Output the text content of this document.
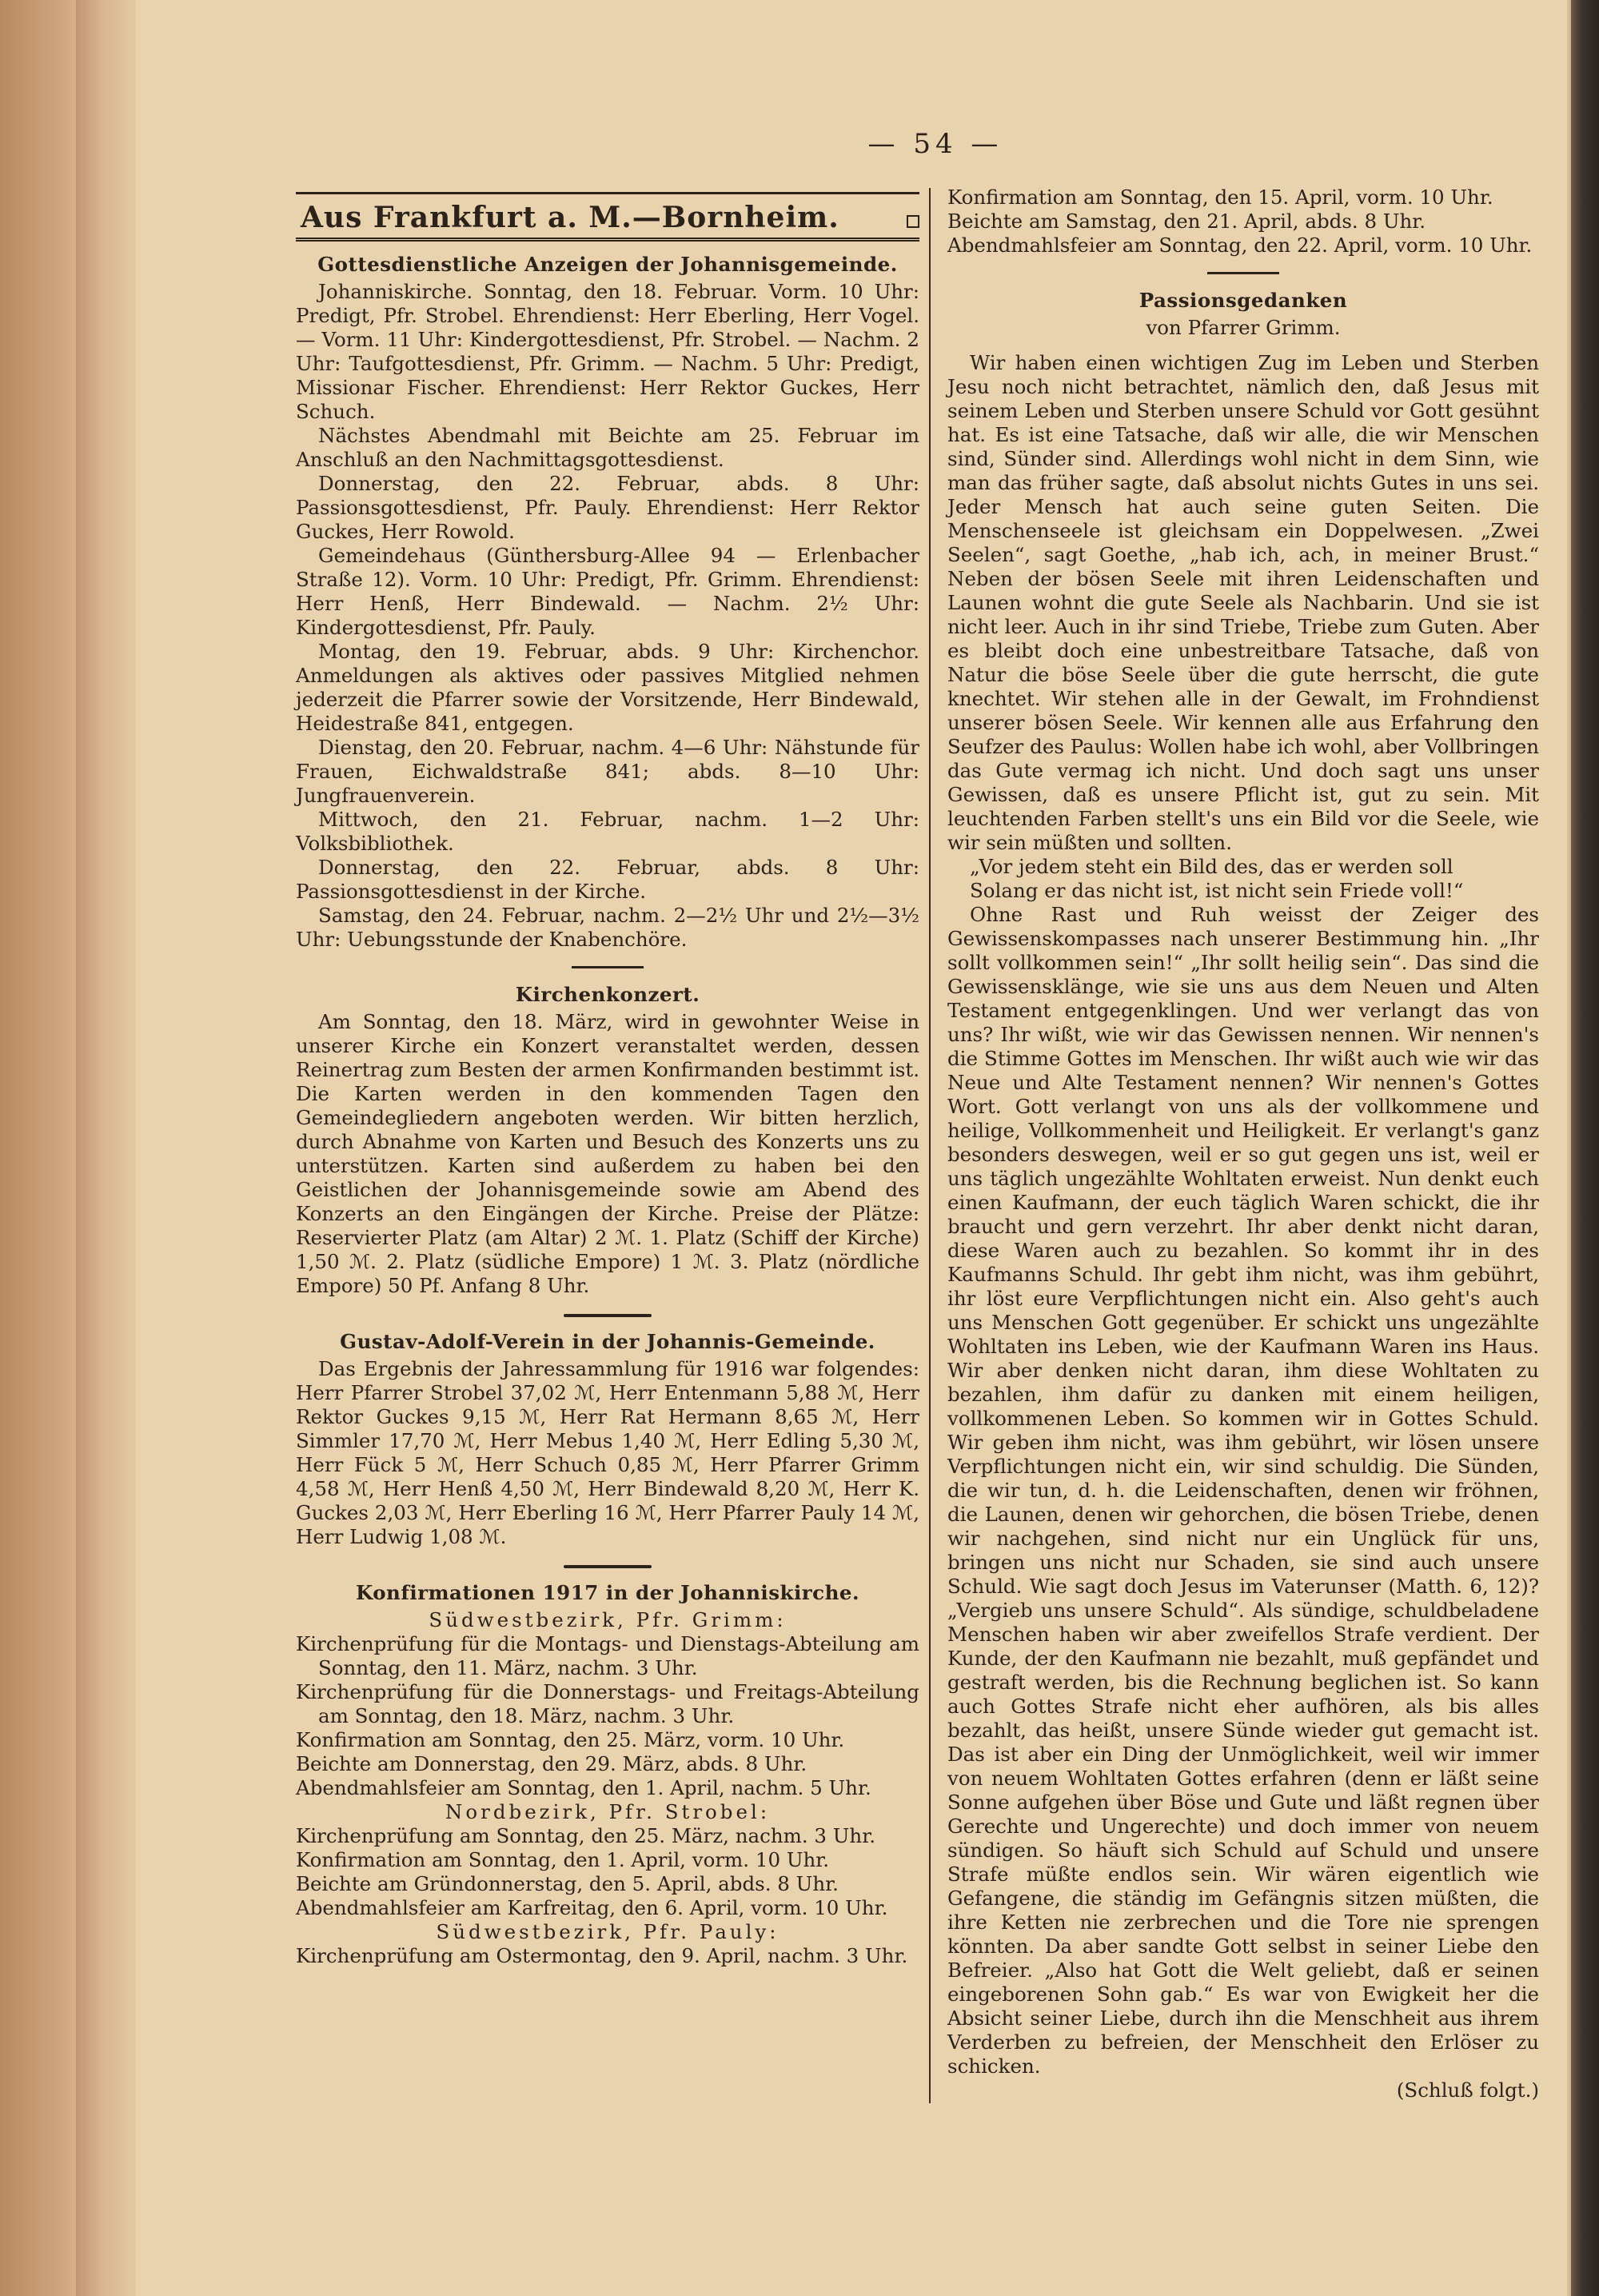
— 54 —
Aus Frankfurt a. M.—Bornheim.
Gottesdienstliche Anzeigen der Johannisgemeinde.

Johanniskirche. Sonntag, den 18. Februar. Vorm. 10 Uhr: Predigt, Pfr. Strobel. Ehrendienst: Herr Eberling, Herr Vogel. — Vorm. 11 Uhr: Kindergottesdienst, Pfr. Strobel. — Nachm. 2 Uhr: Taufgottesdienst, Pfr. Grimm. — Nachm. 5 Uhr: Predigt, Missionar Fischer. Ehrendienst: Herr Rektor Guckes, Herr Schuch.

Nächstes Abendmahl mit Beichte am 25. Februar im Anschluß an den Nachmittagsgottesdienst.

Donnerstag, den 22. Februar, abds. 8 Uhr: Passionsgottesdienst, Pfr. Pauly. Ehrendienst: Herr Rektor Guckes, Herr Rowold.

Gemeindehaus (Günthersburg-Allee 94 — Erlenbacher Straße 12). Vorm. 10 Uhr: Predigt, Pfr. Grimm. Ehrendienst: Herr Henß, Herr Bindewald. — Nachm. 2½ Uhr: Kindergottesdienst, Pfr. Pauly.

Montag, den 19. Februar, abds. 9 Uhr: Kirchenchor. Anmeldungen als aktives oder passives Mitglied nehmen jederzeit die Pfarrer sowie der Vorsitzende, Herr Bindewald, Heidestraße 841, entgegen.

Dienstag, den 20. Februar, nachm. 4—6 Uhr: Nähstunde für Frauen, Eichwaldstraße 841; abds. 8—10 Uhr: Jungfrauenverein.

Mittwoch, den 21. Februar, nachm. 1—2 Uhr: Volksbibliothek.

Donnerstag, den 22. Februar, abds. 8 Uhr: Passionsgottesdienst in der Kirche.

Samstag, den 24. Februar, nachm. 2—2½ Uhr und 2½—3½ Uhr: Uebungsstunde der Knabenchöre.

Kirchenkonzert.

Am Sonntag, den 18. März, wird in gewohnter Weise in unserer Kirche ein Konzert veranstaltet werden, dessen Reinertrag zum Besten der armen Konfirmanden bestimmt ist. Die Karten werden in den kommenden Tagen den Gemeindegliedern angeboten werden. Wir bitten herzlich, durch Abnahme von Karten und Besuch des Konzerts uns zu unterstützen. Karten sind außerdem zu haben bei den Geistlichen der Johannisgemeinde sowie am Abend des Konzerts an den Eingängen der Kirche. Preise der Plätze: Reservierter Platz (am Altar) 2 ℳ. 1. Platz (Schiff der Kirche) 1,50 ℳ. 2. Platz (südliche Empore) 1 ℳ. 3. Platz (nördliche Empore) 50 Pf. Anfang 8 Uhr.

Gustav-Adolf-Verein in der Johannis-Gemeinde.

Das Ergebnis der Jahressammlung für 1916 war folgendes: Herr Pfarrer Strobel 37,02 ℳ, Herr Entenmann 5,88 ℳ, Herr Rektor Guckes 9,15 ℳ, Herr Rat Hermann 8,65 ℳ, Herr Simmler 17,70 ℳ, Herr Mebus 1,40 ℳ, Herr Edling 5,30 ℳ, Herr Fück 5 ℳ, Herr Schuch 0,85 ℳ, Herr Pfarrer Grimm 4,58 ℳ, Herr Henß 4,50 ℳ, Herr Bindewald 8,20 ℳ, Herr K. Guckes 2,03 ℳ, Herr Eberling 16 ℳ, Herr Pfarrer Pauly 14 ℳ, Herr Ludwig 1,08 ℳ.

Konfirmationen 1917 in der Johanniskirche.

Südwestbezirk, Pfr. Grimm:

Kirchenprüfung für die Montags- und Dienstags-Abteilung am Sonntag, den 11. März, nachm. 3 Uhr.

Kirchenprüfung für die Donnerstags- und Freitags-Abteilung am Sonntag, den 18. März, nachm. 3 Uhr.

Konfirmation am Sonntag, den 25. März, vorm. 10 Uhr.

Beichte am Donnerstag, den 29. März, abds. 8 Uhr.

Abendmahlsfeier am Sonntag, den 1. April, nachm. 5 Uhr.

Nordbezirk, Pfr. Strobel:

Kirchenprüfung am Sonntag, den 25. März, nachm. 3 Uhr.

Konfirmation am Sonntag, den 1. April, vorm. 10 Uhr.

Beichte am Gründonnerstag, den 5. April, abds. 8 Uhr.

Abendmahlsfeier am Karfreitag, den 6. April, vorm. 10 Uhr.

Südwestbezirk, Pfr. Pauly:

Kirchenprüfung am Ostermontag, den 9. April, nachm. 3 Uhr.

Konfirmation am Sonntag, den 15. April, vorm. 10 Uhr.

Beichte am Samstag, den 21. April, abds. 8 Uhr.

Abendmahlsfeier am Sonntag, den 22. April, vorm. 10 Uhr.

Passionsgedanken

von Pfarrer Grimm.

Wir haben einen wichtigen Zug im Leben und Sterben Jesu noch nicht betrachtet, nämlich den, daß Jesus mit seinem Leben und Sterben unsere Schuld vor Gott gesühnt hat. Es ist eine Tatsache, daß wir alle, die wir Menschen sind, Sünder sind. Allerdings wohl nicht in dem Sinn, wie man das früher sagte, daß absolut nichts Gutes in uns sei. Jeder Mensch hat auch seine guten Seiten. Die Menschenseele ist gleichsam ein Doppelwesen. „Zwei Seelen“, sagt Goethe, „hab ich, ach, in meiner Brust.“ Neben der bösen Seele mit ihren Leidenschaften und Launen wohnt die gute Seele als Nachbarin. Und sie ist nicht leer. Auch in ihr sind Triebe, Triebe zum Guten. Aber es bleibt doch eine unbestreitbare Tatsache, daß von Natur die böse Seele über die gute herrscht, die gute knechtet. Wir stehen alle in der Gewalt, im Frohndienst unserer bösen Seele. Wir kennen alle aus Erfahrung den Seufzer des Paulus: Wollen habe ich wohl, aber Vollbringen das Gute vermag ich nicht. Und doch sagt uns unser Gewissen, daß es unsere Pflicht ist, gut zu sein. Mit leuchtenden Farben stellt's uns ein Bild vor die Seele, wie wir sein müßten und sollten.

„Vor jedem steht ein Bild des, das er werden soll

Solang er das nicht ist, ist nicht sein Friede voll!“

Ohne Rast und Ruh weisst der Zeiger des Gewissenskompasses nach unserer Bestimmung hin. „Ihr sollt vollkommen sein!“ „Ihr sollt heilig sein“. Das sind die Gewissensklänge, wie sie uns aus dem Neuen und Alten Testament entgegenklingen. Und wer verlangt das von uns? Ihr wißt, wie wir das Gewissen nennen. Wir nennen's die Stimme Gottes im Menschen. Ihr wißt auch wie wir das Neue und Alte Testament nennen? Wir nennen's Gottes Wort. Gott verlangt von uns als der vollkommene und heilige, Vollkommenheit und Heiligkeit. Er verlangt's ganz besonders deswegen, weil er so gut gegen uns ist, weil er uns täglich ungezählte Wohltaten erweist. Nun denkt euch einen Kaufmann, der euch täglich Waren schickt, die ihr braucht und gern verzehrt. Ihr aber denkt nicht daran, diese Waren auch zu bezahlen. So kommt ihr in des Kaufmanns Schuld. Ihr gebt ihm nicht, was ihm gebührt, ihr löst eure Verpflichtungen nicht ein. Also geht's auch uns Menschen Gott gegenüber. Er schickt uns ungezählte Wohltaten ins Leben, wie der Kaufmann Waren ins Haus. Wir aber denken nicht daran, ihm diese Wohltaten zu bezahlen, ihm dafür zu danken mit einem heiligen, vollkommenen Leben. So kommen wir in Gottes Schuld. Wir geben ihm nicht, was ihm gebührt, wir lösen unsere Verpflichtungen nicht ein, wir sind schuldig. Die Sünden, die wir tun, d. h. die Leidenschaften, denen wir fröhnen, die Launen, denen wir gehorchen, die bösen Triebe, denen wir nachgehen, sind nicht nur ein Unglück für uns, bringen uns nicht nur Schaden, sie sind auch unsere Schuld. Wie sagt doch Jesus im Vaterunser (Matth. 6, 12)? „Vergieb uns unsere Schuld“. Als sündige, schuldbeladene Menschen haben wir aber zweifellos Strafe verdient. Der Kunde, der den Kaufmann nie bezahlt, muß gepfändet und gestraft werden, bis die Rechnung beglichen ist. So kann auch Gottes Strafe nicht eher aufhören, als bis alles bezahlt, das heißt, unsere Sünde wieder gut gemacht ist. Das ist aber ein Ding der Unmöglichkeit, weil wir immer von neuem Wohltaten Gottes erfahren (denn er läßt seine Sonne aufgehen über Böse und Gute und läßt regnen über Gerechte und Ungerechte) und doch immer von neuem sündigen. So häuft sich Schuld auf Schuld und unsere Strafe müßte endlos sein. Wir wären eigentlich wie Gefangene, die ständig im Gefängnis sitzen müßten, die ihre Ketten nie zerbrechen und die Tore nie sprengen könnten. Da aber sandte Gott selbst in seiner Liebe den Befreier. „Also hat Gott die Welt geliebt, daß er seinen eingeborenen Sohn gab.“ Es war von Ewigkeit her die Absicht seiner Liebe, durch ihn die Menschheit aus ihrem Verderben zu befreien, der Menschheit den Erlöser zu schicken.

(Schluß folgt.)
